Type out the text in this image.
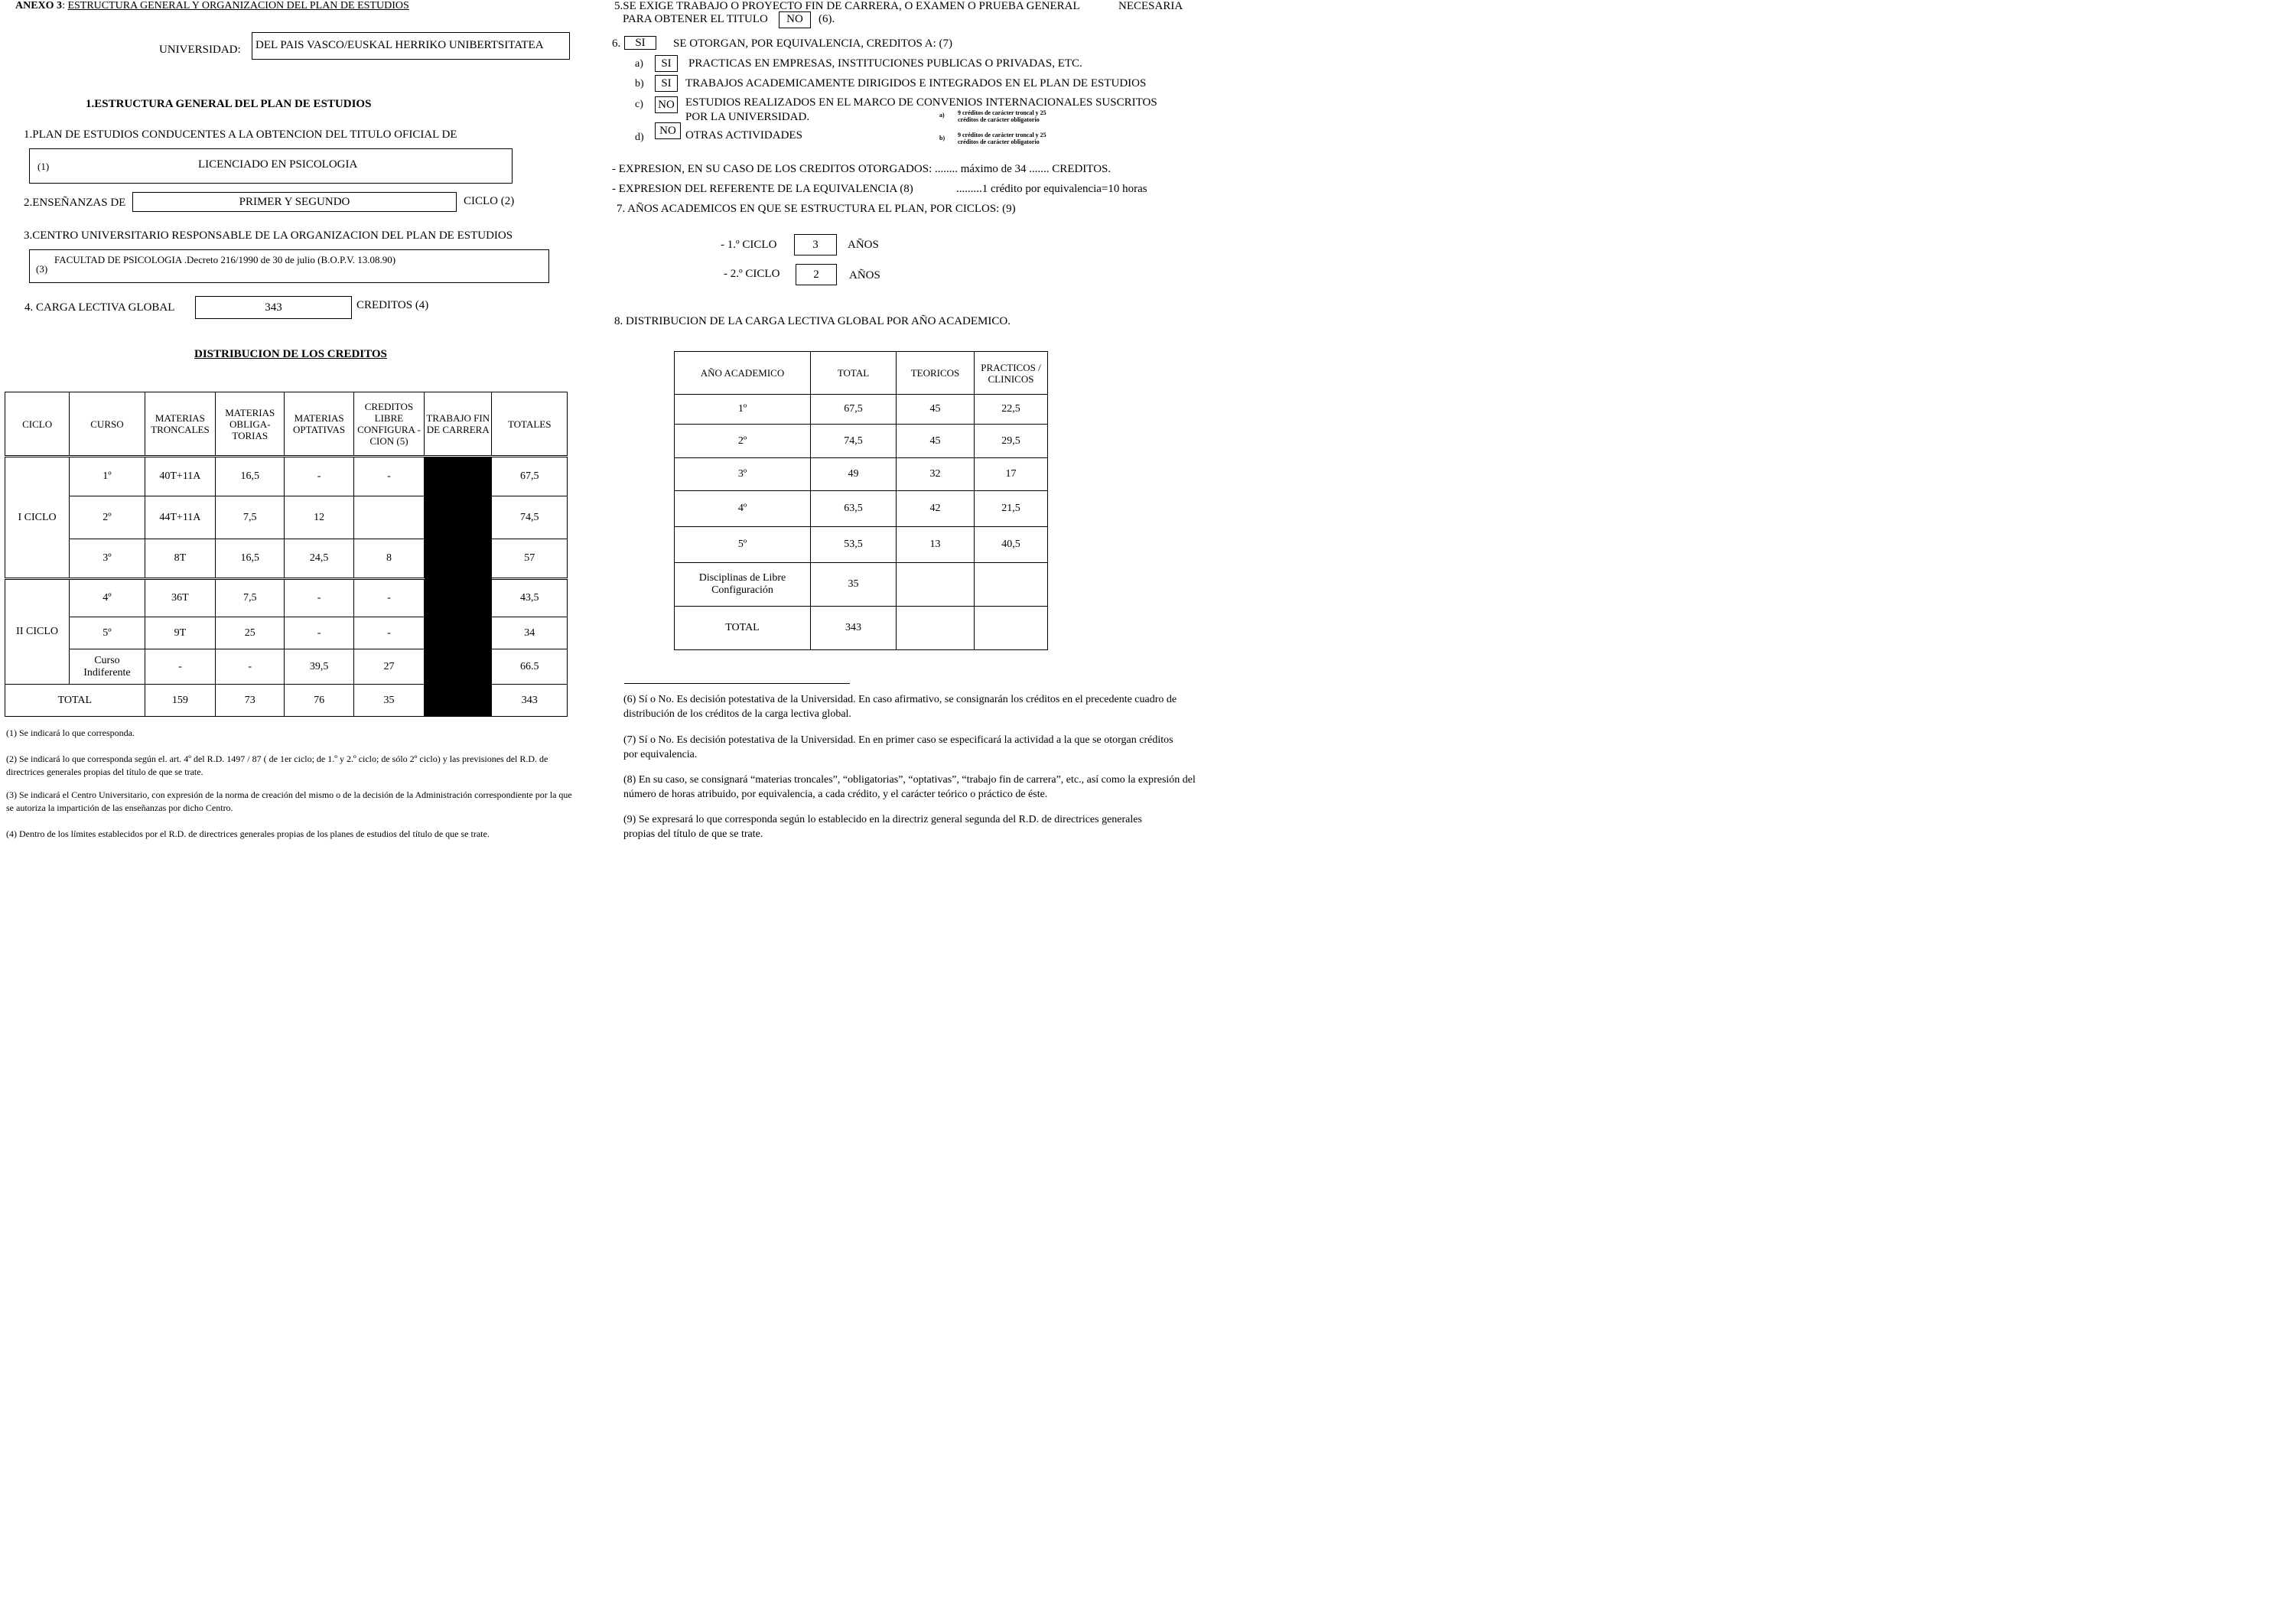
ANEXO 3: ESTRUCTURA GENERAL Y ORGANIZACION DEL PLAN DE ESTUDIOS
UNIVERSIDAD:	DEL PAIS VASCO/EUSKAL HERRIKO UNIBERTSITATEA
1.ESTRUCTURA GENERAL DEL PLAN DE ESTUDIOS
1.PLAN DE ESTUDIOS CONDUCENTES A LA OBTENCION DEL TITULO OFICIAL DE
(1)	LICENCIADO EN PSICOLOGIA
2.ENSEÑANZAS DE	PRIMER Y SEGUNDO	CICLO (2)
3.CENTRO UNIVERSITARIO RESPONSABLE DE LA ORGANIZACION DEL PLAN DE ESTUDIOS
FACULTAD DE PSICOLOGIA .Decreto 216/1990 de 30 de julio (B.O.P.V. 13.08.90)
(3)
4. CARGA LECTIVA GLOBAL	343	CREDITOS (4)
DISTRIBUCION DE LOS CREDITOS
CICLO	CURSO	MATERIAS TRONCALES	MATERIAS OBLIGA- TORIAS	MATERIAS OPTATIVAS	CREDITOS LIBRE CONFIGURA -CION (5)	TRABAJO FIN DE CARRERA	TOTALES
I CICLO	1º	40T+11A	16,5	-	-		67,5
	2º	44T+11A	7,5	12			74,5
	3º	8T	16,5	24,5	8		57
II CICLO	4º	36T	7,5	-	-		43,5
	5º	9T	25	-	-		34
	Curso Indiferente	-	-	39,5	27		66.5
TOTAL		159	73	76	35		343
(1) Se indicará lo que corresponda.
(2) Se indicará lo que corresponda según el. art. 4º del R.D. 1497 / 87 ( de 1er ciclo; de 1.º y 2.º ciclo; de sólo 2º ciclo) y las previsiones del R.D. de directrices generales propias del título de que se trate.
(3) Se indicará el Centro Universitario, con expresión de la norma de creación del mismo o de la decisión de la Administración correspondiente por la que se autoriza la impartición de las enseñanzas por dicho Centro.
(4) Dentro de los límites establecidos por el R.D. de directrices generales propias de los planes de estudios del título de que se trate.
5.SE EXIGE TRABAJO O PROYECTO FIN DE CARRERA, O EXAMEN O PRUEBA GENERAL	NECESARIA
PARA OBTENER EL TITULO	NO	(6).
6.	SI	SE OTORGAN, POR EQUIVALENCIA, CREDITOS A: (7)
a)	SI	PRACTICAS EN EMPRESAS, INSTITUCIONES PUBLICAS O PRIVADAS, ETC.
b)	SI	TRABAJOS ACADEMICAMENTE DIRIGIDOS E INTEGRADOS EN EL PLAN DE ESTUDIOS
c) NO ESTUDIOS REALIZADOS EN EL MARCO DE CONVENIOS INTERNACIONALES SUSCRITOS
POR LA UNIVERSIDAD.
d)
NO OTRAS ACTIVIDADES
a) 9 créditos de carácter troncal y 25
créditos de carácter obligatorio
b) 9 créditos de carácter troncal y 25
créditos de carácter obligatorio
- EXPRESION, EN SU CASO DE LOS CREDITOS OTORGADOS: ........ máximo de 34 ....... CREDITOS.
- EXPRESION DEL REFERENTE DE LA EQUIVALENCIA (8)	.........1 crédito por equivalencia=10 horas
7. AÑOS ACADEMICOS EN QUE SE ESTRUCTURA EL PLAN, POR CICLOS: (9)
- 1.º CICLO	3	AÑOS
- 2.º CICLO	2	AÑOS
8. DISTRIBUCION DE LA CARGA LECTIVA GLOBAL POR AÑO ACADEMICO.
AÑO ACADEMICO	TOTAL	TEORICOS	PRACTICOS / CLINICOS
1º	67,5	45	22,5
2º	74,5	45	29,5
3º	49	32	17
4º	63,5	42	21,5
5º	53,5	13	40,5
Disciplinas de Libre Configuración	35		
TOTAL	343		
(6) Sí o No. Es decisión potestativa de la Universidad. En caso afirmativo, se consignarán los créditos en el precedente cuadro de distribución de los créditos de la carga lectiva global.
(7) Sí o No. Es decisión potestativa de la Universidad. En en primer caso se especificará la actividad a la que se otorgan créditos por equivalencia.
(8) En su caso, se consignará “materias troncales”, “obligatorias”, “optativas”, “trabajo fin de carrera”, etc., así como la expresión del número de horas atribuido, por equivalencia, a cada crédito, y el carácter teórico o práctico de éste.
(9) Se expresará lo que corresponda según lo establecido en la directriz general segunda del R.D. de directrices generales propias del título de que se trate.
